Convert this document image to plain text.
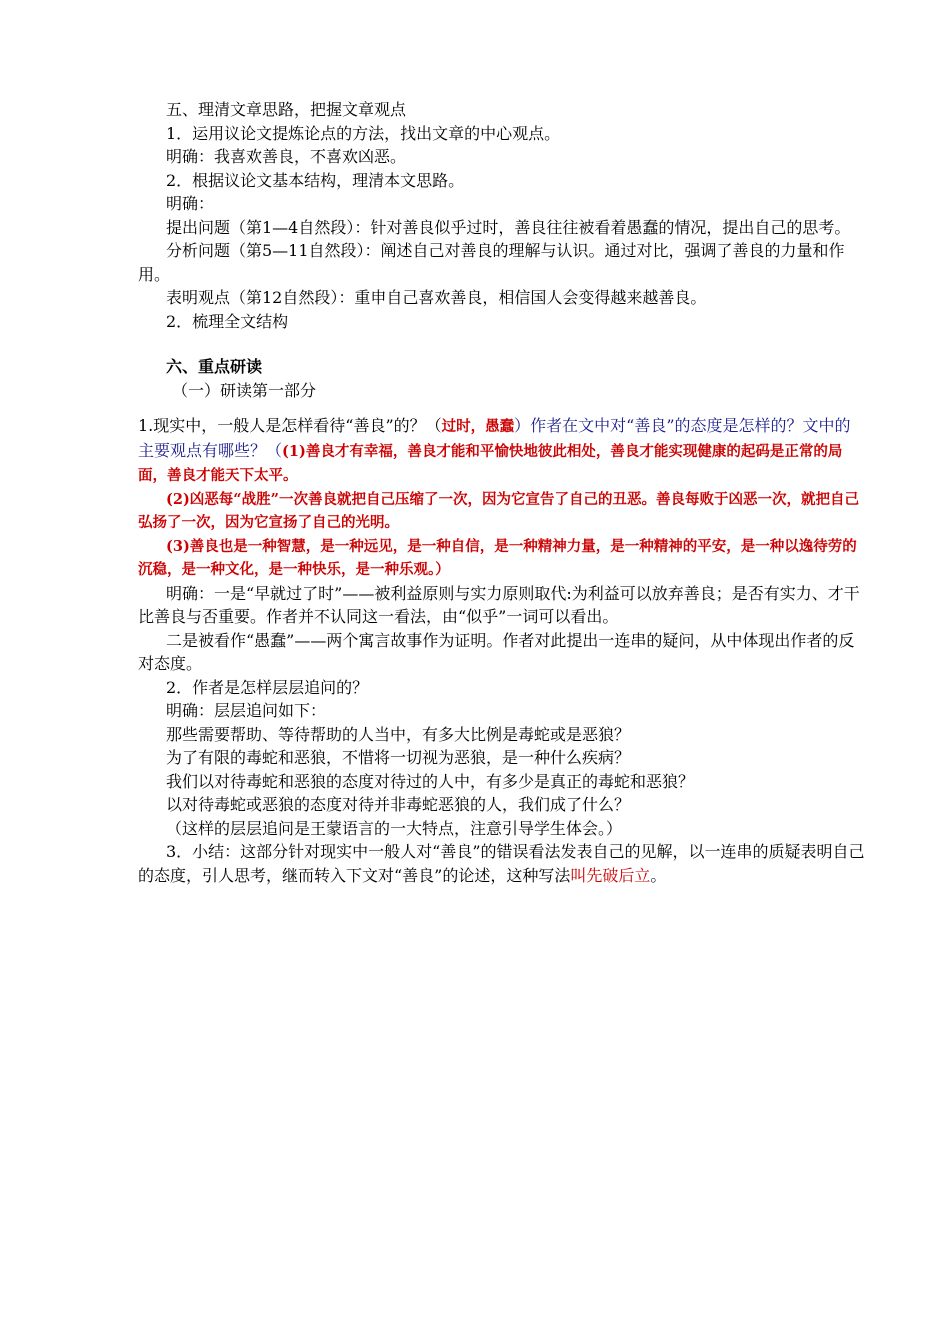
五、理清文章思路，把握文章观点

1．运用议论文提炼论点的方法，找出文章的中心观点。

明确：我喜欢善良，不喜欢凶恶。

2．根据议论文基本结构，理清本文思路。

明确：

提出问题（第1—4自然段）：针对善良似乎过时，善良往往被看着愚蠢的情况，提出自己的思考。

分析问题（第5—11自然段）：阐述自己对善良的理解与认识。通过对比，强调了善良的力量和作用。

表明观点（第12自然段）：重申自己喜欢善良，相信国人会变得越来越善良。

2．梳理全文结构

六、重点研读

（一）研读第一部分

1.现实中，一般人是怎样看待“善良”的？（过时，愚蠢）作者在文中对“善良”的态度是怎样的？文中的主要观点有哪些？（(1)善良才有幸福，善良才能和平愉快地彼此相处，善良才能实现健康的起码是正常的局面，善良才能天下太平。

(2)凶恶每“战胜”一次善良就把自己压缩了一次，因为它宣告了自己的丑恶。善良每败于凶恶一次，就把自己弘扬了一次，因为它宣扬了自己的光明。

(3)善良也是一种智慧，是一种远见，是一种自信，是一种精神力量，是一种精神的平安，是一种以逸待劳的沉稳，是一种文化，是一种快乐，是一种乐观。）

明确：一是“早就过了时”——被利益原则与实力原则取代:为利益可以放弃善良；是否有实力、才干比善良与否重要。作者并不认同这一看法，由“似乎”一词可以看出。

二是被看作“愚蠢”——两个寓言故事作为证明。作者对此提出一连串的疑问，从中体现出作者的反对态度。

2．作者是怎样层层追问的？

明确：层层追问如下：

那些需要帮助、等待帮助的人当中，有多大比例是毒蛇或是恶狼？

为了有限的毒蛇和恶狼，不惜将一切视为恶狼，是一种什么疾病？

我们以对待毒蛇和恶狼的态度对待过的人中，有多少是真正的毒蛇和恶狼？

以对待毒蛇或恶狼的态度对待并非毒蛇恶狼的人，我们成了什么？

（这样的层层追问是王蒙语言的一大特点，注意引导学生体会。）

3．小结：这部分针对现实中一般人对“善良”的错误看法发表自己的见解，以一连串的质疑表明自己的态度，引人思考，继而转入下文对“善良”的论述，这种写法叫先破后立。
